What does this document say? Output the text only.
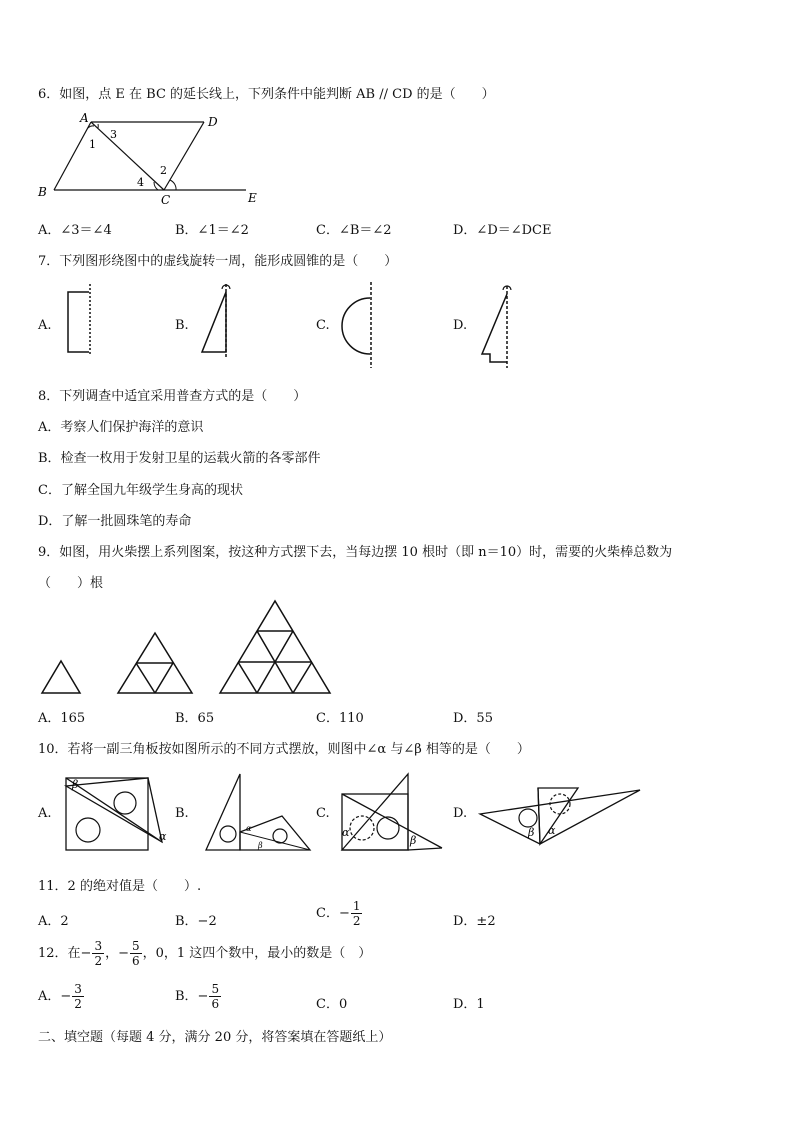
6．如图，点 E 在 BC 的延长线上，下列条件中能判断 AB // CD 的是（　　）
A	D
B
C	E
1
3
4
2
A．∠3＝∠4	B．∠1＝∠2	C．∠B＝∠2	D．∠D＝∠DCE
7．下列图形绕图中的虚线旋转一周，能形成圆锥的是（　　）
A.	B.	C.	D.
8．下列调查中适宜采用普查方式的是（　　）
A．考察人们保护海洋的意识
B．检查一枚用于发射卫星的运载火箭的各零部件
C．了解全国九年级学生身高的现状
D．了解一批圆珠笔的寿命
9．如图，用火柴摆上系列图案，按这种方式摆下去，当每边摆 10 根时（即 n＝10）时，需要的火柴棒总数为
（　　）根
A．165	B．65	C．110	D．55
10．若将一副三角板按如图所示的不同方式摆放，则图中∠α 与∠β 相等的是（　　）
A.
β
α
B.
α
β
C.
α
β
D.
β α
11．2 的绝对值是（　　）.
A．2	B．−2
C．− $\frac{1}{2}$	D．±2
12．在− $\frac{3}{2}$ ，− $\frac{5}{6}$ ，0，1 这四个数中，最小的数是（　）
A．− $\frac{3}{2}$	B．− $\frac{5}{6}$	C．0	D．1
二、填空题（每题 4 分，满分 20 分，将答案填在答题纸上）
